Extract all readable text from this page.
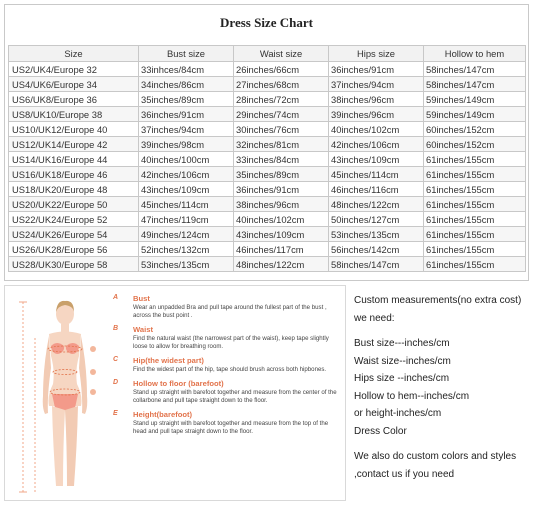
Dress Size Chart
Size	Bust size	Waist size	Hips size	Hollow to hem
US2/UK4/Europe 32	33inhces/84cm	26inches/66cm	36inches/91cm	58inches/147cm
US4/UK6/Europe 34	34inches/86cm	27inches/68cm	37inches/94cm	58inches/147cm
US6/UK8/Europe 36	35inches/89cm	28inches/72cm	38inches/96cm	59inches/149cm
US8/UK10/Europe 38	36inches/91cm	29inches/74cm	39inches/96cm	59inches/149cm
US10/UK12/Europe 40	37inches/94cm	30inches/76cm	40inches/102cm	60inches/152cm
US12/UK14/Europe 42	39inches/98cm	32inches/81cm	42inches/106cm	60inches/152cm
US14/UK16/Europe 44	40inches/100cm	33inches/84cm	43inches/109cm	61inches/155cm
US16/UK18/Europe 46	42inches/106cm	35inches/89cm	45inches/114cm	61inches/155cm
US18/UK20/Europe 48	43inches/109cm	36inches/91cm	46inches/116cm	61inches/155cm
US20/UK22/Europe 50	45inches/114cm	38inches/96cm	48inches/122cm	61inches/155cm
US22/UK24/Europe 52	47inches/119cm	40inches/102cm	50inches/127cm	61inches/155cm
US24/UK26/Europe 54	49inches/124cm	43inches/109cm	53inches/135cm	61inches/155cm
US26/UK28/Europe 56	52inches/132cm	46inches/117cm	56inches/142cm	61inches/155cm
US28/UK30/Europe 58	53inches/135cm	48inches/122cm	58inches/147cm	61inches/155cm
A	Bust
Wear an unpadded Bra and pull tape around the fullest part of the bust , across the bust point .
B	Waist
Find the natural waist (the narrowest part of the waist), keep tape slightly loose to allow for breathing room.
C	Hip(the widest part)
Find the widest part of the hip, tape should brush across both hipbones.
D	Hollow to floor (barefoot)
Stand up straight with barefoot together and measure from the center of the collarbone and pull tape straight down to the floor.
E	Height(barefoot)
Stand up straight with barefoot together and measure from the top of the head and pull tape straight down to the floor.

Custom measurements(no extra cost) we need:

Bust size---inches/cm

Waist size--inches/cm

Hips size --inches/cm

Hollow to hem--inches/cm

or height-inches/cm

Dress Color

We also do custom colors and styles ,contact us if you need
